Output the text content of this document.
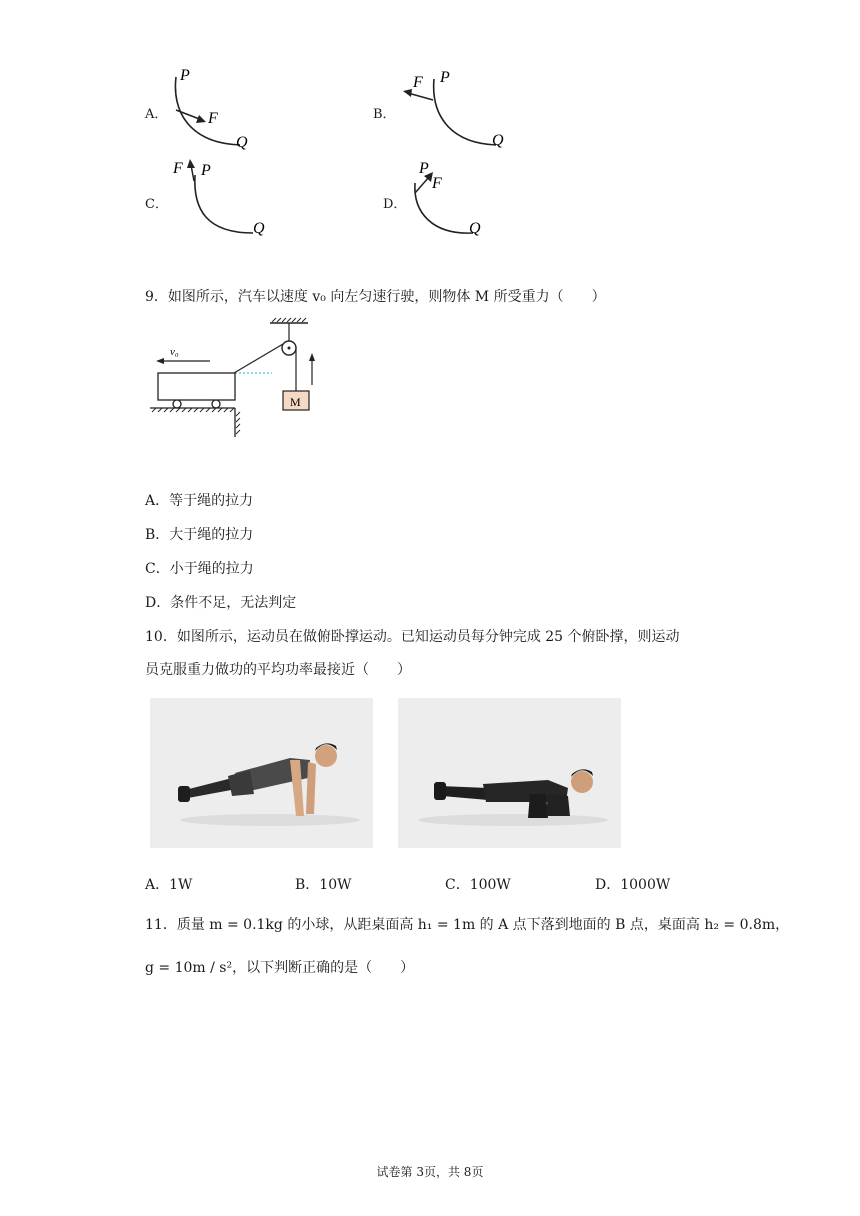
A．
P
F
Q
B．
F P
Q
C．
F P
Q
D．
P
F
Q
9．如图所示，汽车以速度 v₀ 向左匀速行驶，则物体 M 所受重力（　　）
M
v₀
A．等于绳的拉力
B．大于绳的拉力
C．小于绳的拉力
D．条件不足，无法判定
10．如图所示，运动员在做俯卧撑运动。已知运动员每分钟完成 25 个俯卧撑，则运动
员克服重力做功的平均功率最接近（　　）
A．1W	B．10W	C．100W	D．1000W
11．质量 m = 0.1kg 的小球，从距桌面高 h₁ = 1m 的 A 点下落到地面的 B 点，桌面高 h₂ = 0.8m，
g = 10m / s²，以下判断正确的是（　　）
试卷第 3页，共 8页
